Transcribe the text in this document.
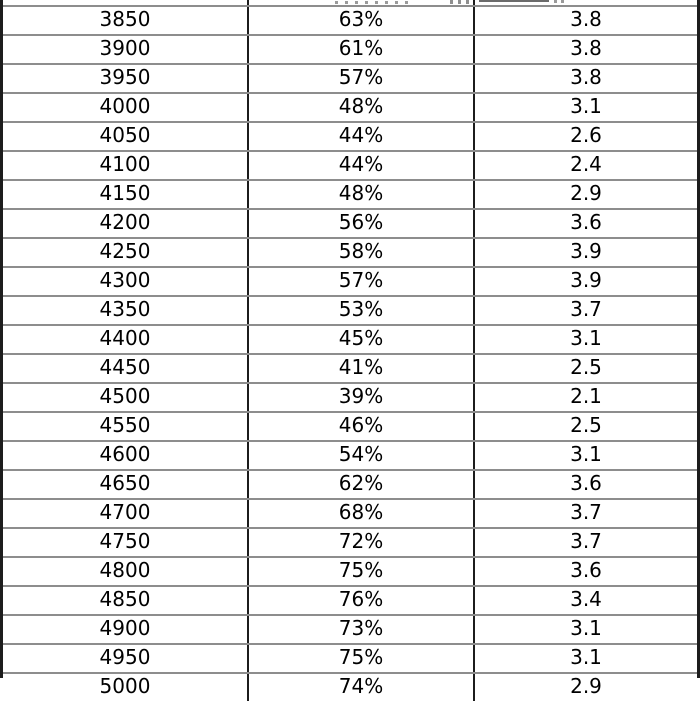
3850	63%	3.8
3900	61%	3.8
3950	57%	3.8
4000	48%	3.1
4050	44%	2.6
4100	44%	2.4
4150	48%	2.9
4200	56%	3.6
4250	58%	3.9
4300	57%	3.9
4350	53%	3.7
4400	45%	3.1
4450	41%	2.5
4500	39%	2.1
4550	46%	2.5
4600	54%	3.1
4650	62%	3.6
4700	68%	3.7
4750	72%	3.7
4800	75%	3.6
4850	76%	3.4
4900	73%	3.1
4950	75%	3.1
5000	74%	2.9
